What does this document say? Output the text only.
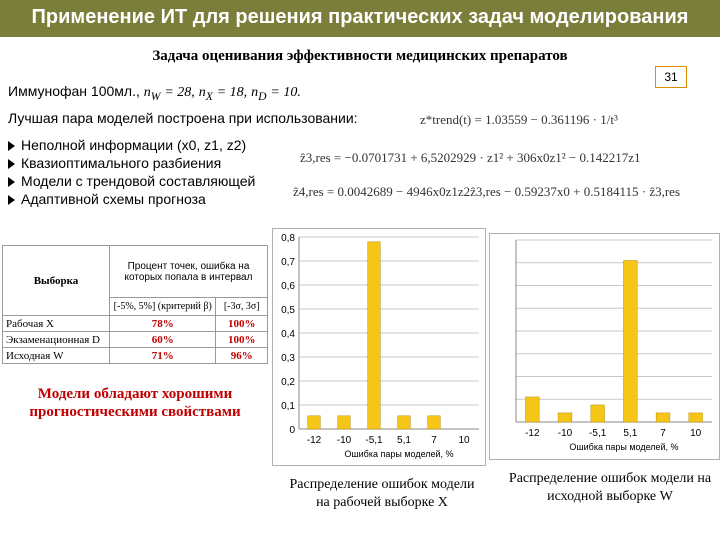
Применение ИТ для решения практических задач моделирования
Задача оценивания эффективности медицинских препаратов
31
Иммунофан 100мл., $n_W = 28$, $n_X = 18$, $n_D = 10$.
Лучшая пара моделей построена при использовании:	z*trend(t) = 1.03559 − 0.361196 · 1/t³
ẑ3,res = −0.0701731 + 6,5202929 · z1² + 306x0z1² − 0.142217z1
ẑ4,res = 0.0042689 − 4946x0z1z2ẑ3,res − 0.59237x0 + 0.5184115 · ẑ3,res
Неполной информации (x0, z1, z2)
Квазиоптимального разбиения
Модели с трендовой составляющей
Адаптивной схемы прогноза
Выборка	Процент точек, ошибка на которых попала в интервал	
	[-5%, 5%] (критерий β)	[-3σ, 3σ]
Рабочая X	78%	100%
Экзаменационная D	60%	100%
Исходная W	71%	96%
Модели обладают хорошими прогностическими свойствами
0
0,1
0,2
0,3
0,4
0,5
0,6
0,7
0,8
-12 -10 -5,1 5,1 7 10
Ошибка пары моделей, %
-12 -10 -5,1 5,1 7 10
Ошибка пары моделей, %
Распределение ошибок модели на рабочей выборке X
Распределение ошибок модели на исходной выборке W
